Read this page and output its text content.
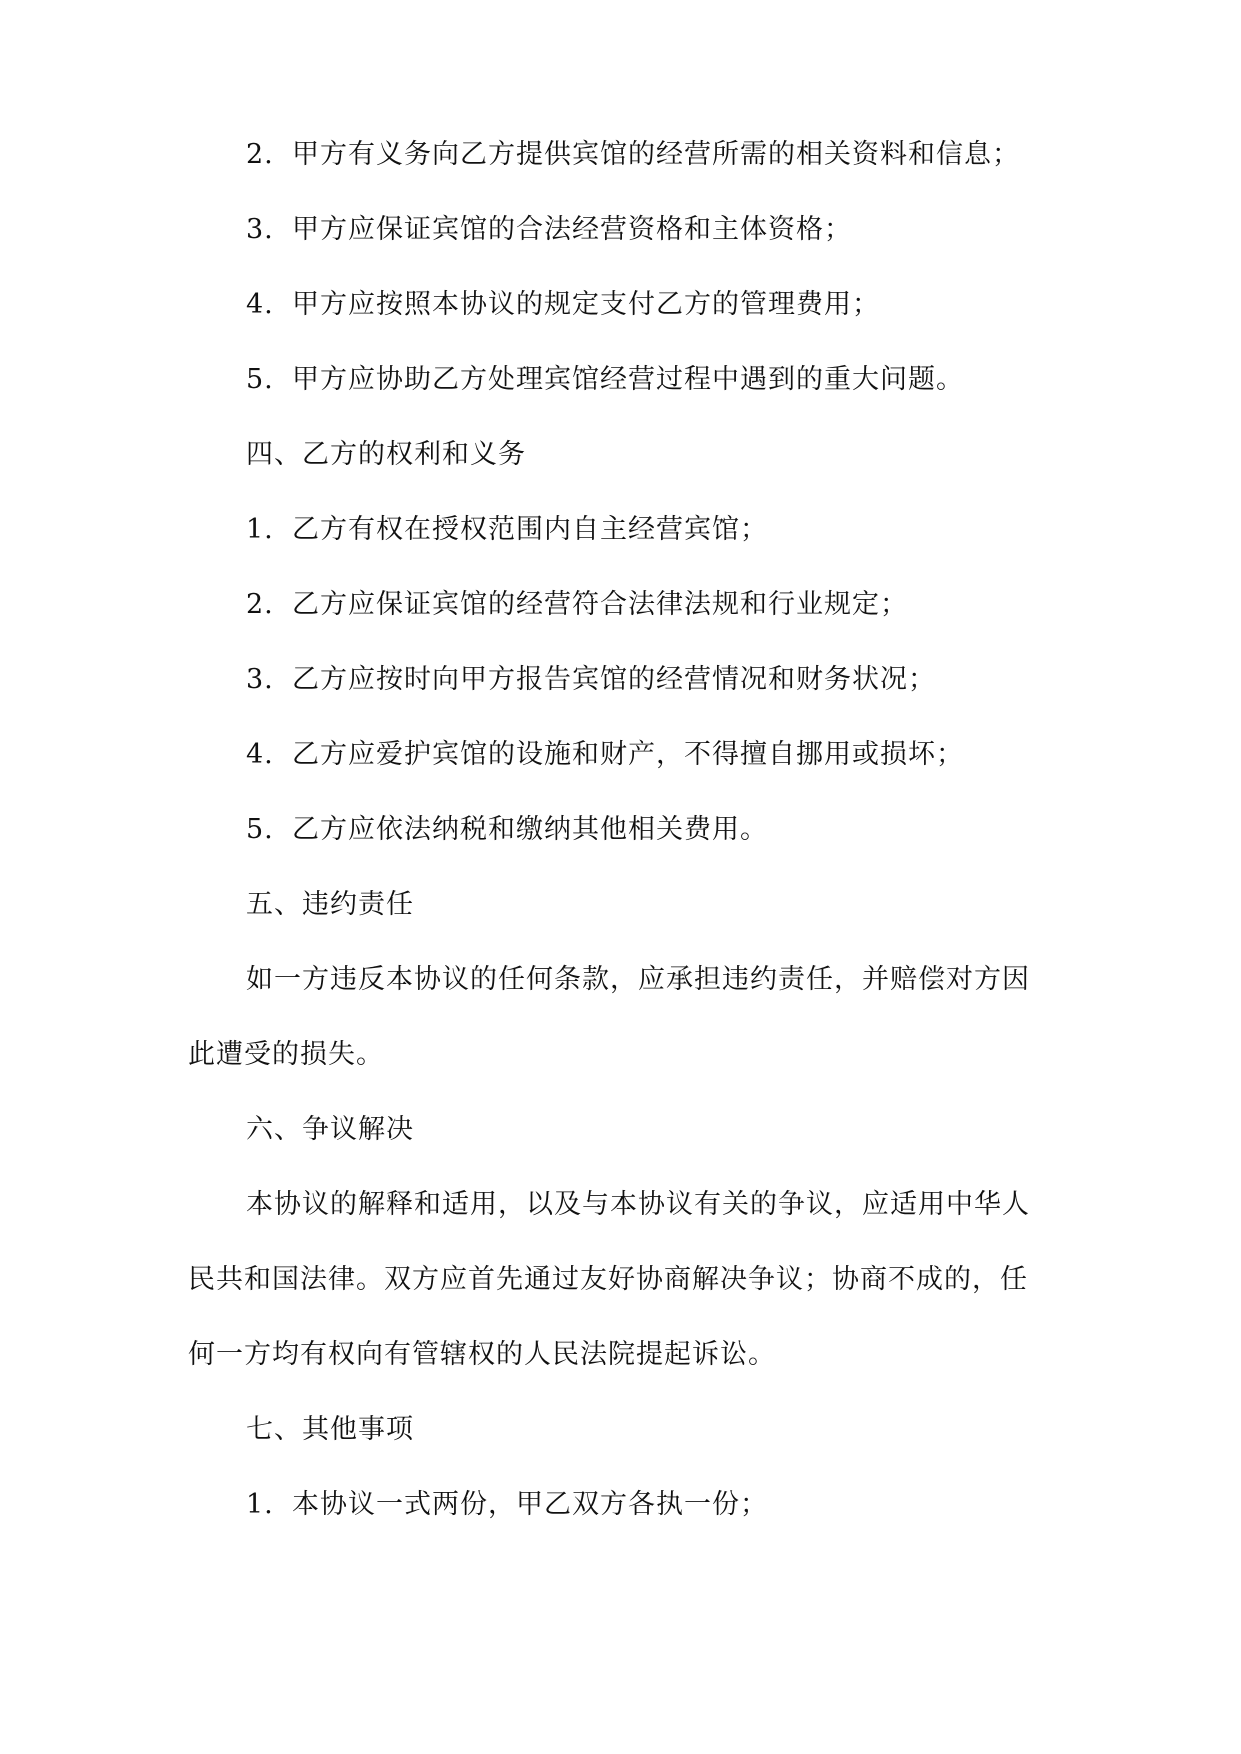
2. 甲方有义务向乙方提供宾馆的经营所需的相关资料和信息；
3. 甲方应保证宾馆的合法经营资格和主体资格；
4. 甲方应按照本协议的规定支付乙方的管理费用；
5. 甲方应协助乙方处理宾馆经营过程中遇到的重大问题。
四、乙方的权利和义务
1. 乙方有权在授权范围内自主经营宾馆；
2. 乙方应保证宾馆的经营符合法律法规和行业规定；
3. 乙方应按时向甲方报告宾馆的经营情况和财务状况；
4. 乙方应爱护宾馆的设施和财产，不得擅自挪用或损坏；
5. 乙方应依法纳税和缴纳其他相关费用。
五、违约责任
如一方违反本协议的任何条款，应承担违约责任，并赔偿对方因
此遭受的损失。
六、争议解决
本协议的解释和适用，以及与本协议有关的争议，应适用中华人
民共和国法律。双方应首先通过友好协商解决争议；协商不成的，任
何一方均有权向有管辖权的人民法院提起诉讼。
七、其他事项
1. 本协议一式两份，甲乙双方各执一份；
